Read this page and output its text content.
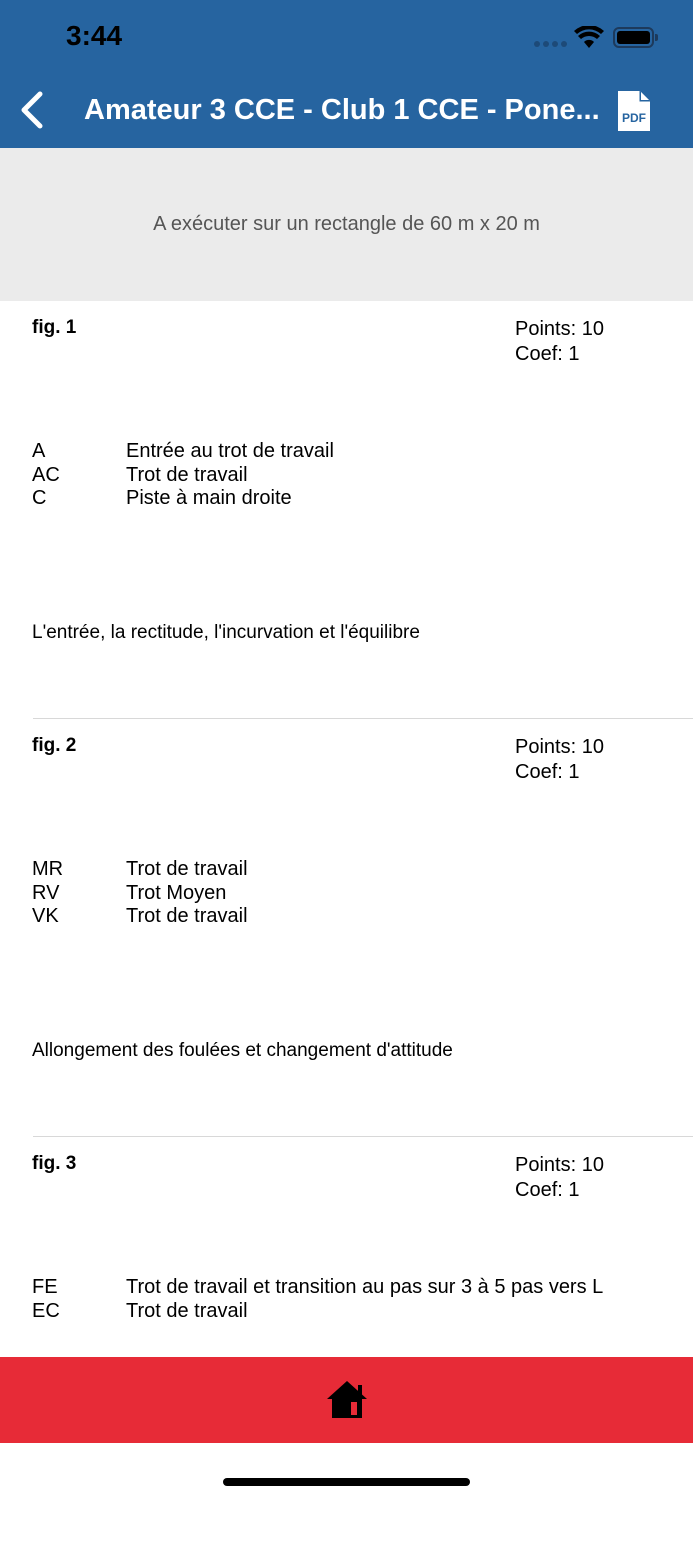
3:44
Amateur 3 CCE - Club 1 CCE - Pone... PDF
A exécuter sur un rectangle de 60 m x 20 m
fig. 1	Points: 10
Coef: 1
A	Entrée au trot de travail
AC	Trot de travail
C	Piste à main droite
L'entrée, la rectitude, l'incurvation et l'équilibre
fig. 2	Points: 10
Coef: 1
MR	Trot de travail
RV	Trot Moyen
VK	Trot de travail
Allongement des foulées et changement d'attitude
fig. 3	Points: 10
Coef: 1
FE	Trot de travail et transition au pas sur 3 à 5 pas vers L
EC	Trot de travail
